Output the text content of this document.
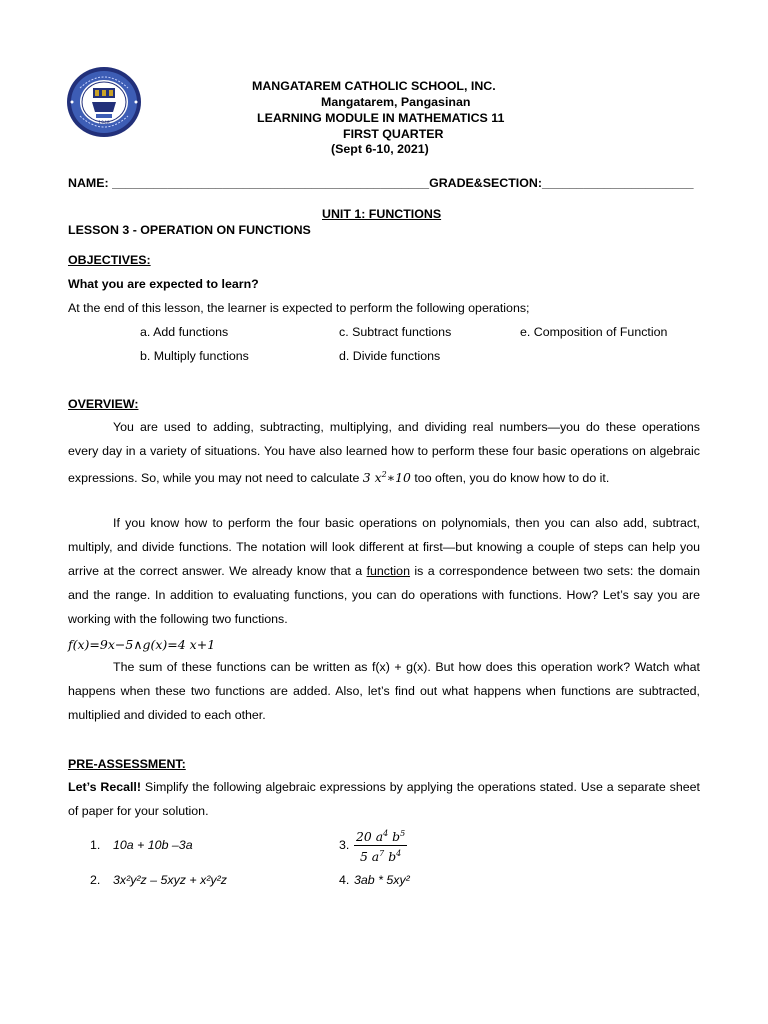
1948
MANGATAREM CATHOLIC SCHOOL, INC.
Mangatarem, Pangasinan
LEARNING MODULE IN MATHEMATICS 11
FIRST QUARTER
(Sept 6-10, 2021)
NAME: ______________________________________________GRADE&SECTION:______________________
UNIT 1: FUNCTIONS
LESSON 3 - OPERATION ON FUNCTIONS
OBJECTIVES:
What you are expected to learn?
At the end of this lesson, the learner is expected to perform the following operations;
a. Add functions	c. Subtract functions	e. Composition of Function
b. Multiply functions	d. Divide functions
OVERVIEW:
You are used to adding, subtracting, multiplying, and dividing real numbers—you do these operations every day in a variety of situations. You have also learned how to perform these four basic operations on algebraic expressions. So, while you may not need to calculate 3 $x^2∗10$ too often, you do know how to do it.
If you know how to perform the four basic operations on polynomials, then you can also add, subtract, multiply, and divide functions. The notation will look different at first—but knowing a couple of steps can help you arrive at the correct answer. We already know that a function is a correspondence between two sets: the domain and the range. In addition to evaluating functions, you can do operations with functions. How? Let’s say you are working with the following two functions.
f(x)=9x−5∧g(x)=4 x+1
The sum of these functions can be written as f(x) + g(x). But how does this operation work? Watch what happens when these two functions are added. Also, let’s find out what happens when functions are subtracted, multiplied and divided to each other.
PRE-ASSESSMENT:
Let’s Recall! Simplify the following algebraic expressions by applying the operations stated. Use a separate sheet of paper for your solution.
1. 10a + 10b –3a
2. 3x²y²z – 5xyz + x²y²z
3. $\frac{20 a^4 b^5}{5 a^7 b^4}$
4. 3ab * 5xy²
